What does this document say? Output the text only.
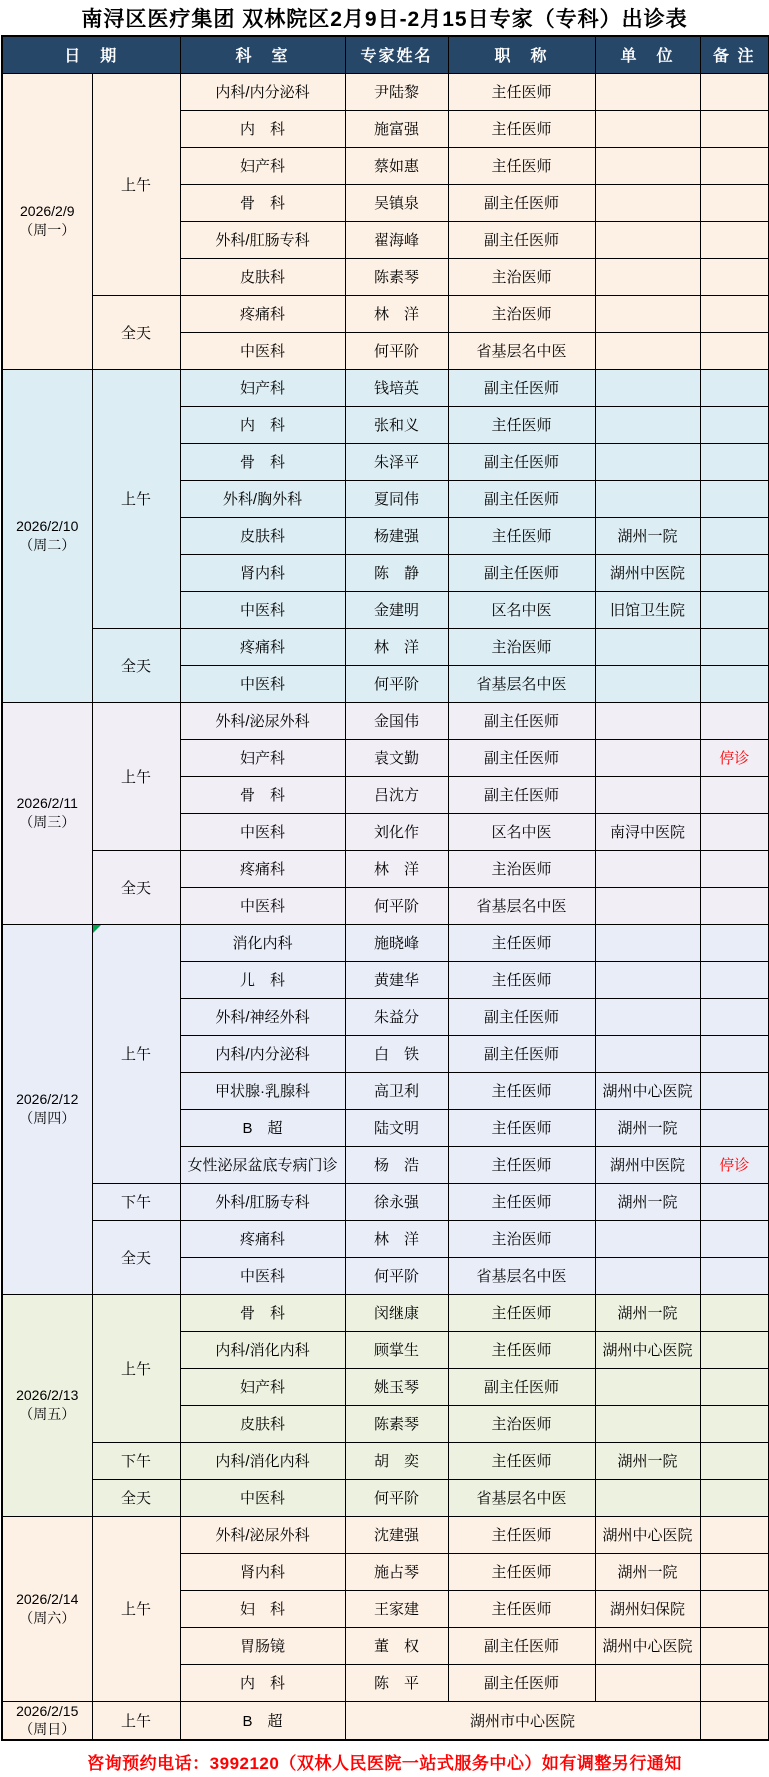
南浔区医疗集团 双林院区2月9日-2月15日专家（专科）出诊表
日　期		科　室	专家姓名	职　称	单　位	备 注

2026/2/9
（周一）	上午	内科/内分泌科	尹陆黎	主任医师		
		内　科	施富强	主任医师		
		妇产科	蔡如惠	主任医师		
		骨　科	吴镇泉	副主任医师		
		外科/肛肠专科	翟海峰	副主任医师		
		皮肤科	陈素琴	主治医师		
	全天	疼痛科	林　洋	主治医师		
		中医科	何平阶	省基层名中医		

2026/2/10
（周二）	上午	妇产科	钱培英	副主任医师		
		内　科	张和义	主任医师		
		骨　科	朱泽平	副主任医师		
		外科/胸外科	夏同伟	副主任医师		
		皮肤科	杨建强	主任医师	湖州一院	
		肾内科	陈　静	副主任医师	湖州中医院	
		中医科	金建明	区名中医	旧馆卫生院	
	全天	疼痛科	林　洋	主治医师		
		中医科	何平阶	省基层名中医		

2026/2/11
（周三）	上午	外科/泌尿外科	金国伟	副主任医师		
		妇产科	袁文勤	副主任医师		停诊
		骨　科	吕沈方	副主任医师		
		中医科	刘化作	区名中医	南浔中医院	
	全天	疼痛科	林　洋	主治医师		
		中医科	何平阶	省基层名中医		

2026/2/12
（周四）	上午	消化内科	施晓峰	主任医师		
		儿　科	黄建华	主任医师		
		外科/神经外科	朱益分	副主任医师		
		内科/内分泌科	白　铁	副主任医师		
		甲状腺·乳腺科	高卫利	主任医师	湖州中心医院	
		B　超	陆文明	主任医师	湖州一院	
		女性泌尿盆底专病门诊	杨　浩	主任医师	湖州中医院	停诊
	下午	外科/肛肠专科	徐永强	主任医师	湖州一院	
	全天	疼痛科	林　洋	主治医师		
		中医科	何平阶	省基层名中医		

2026/2/13
（周五）	上午	骨　科	闵继康	主任医师	湖州一院	
		内科/消化内科	顾掌生	主任医师	湖州中心医院	
		妇产科	姚玉琴	副主任医师		
		皮肤科	陈素琴	主治医师		
	下午	内科/消化内科	胡　奕	主任医师	湖州一院	
	全天	中医科	何平阶	省基层名中医		

2026/2/14
（周六）	上午	外科/泌尿外科	沈建强	主任医师	湖州中心医院	
		肾内科	施占琴	主任医师	湖州一院	
		妇　科	王家建	主任医师	湖州妇保院	
		胃肠镜	董　权	副主任医师	湖州中心医院	
		内　科	陈　平	副主任医师		

2026/2/15
（周日）	上午	B　超	湖州市中心医院			
咨询预约电话：3992120（双林人民医院一站式服务中心）如有调整另行通知
